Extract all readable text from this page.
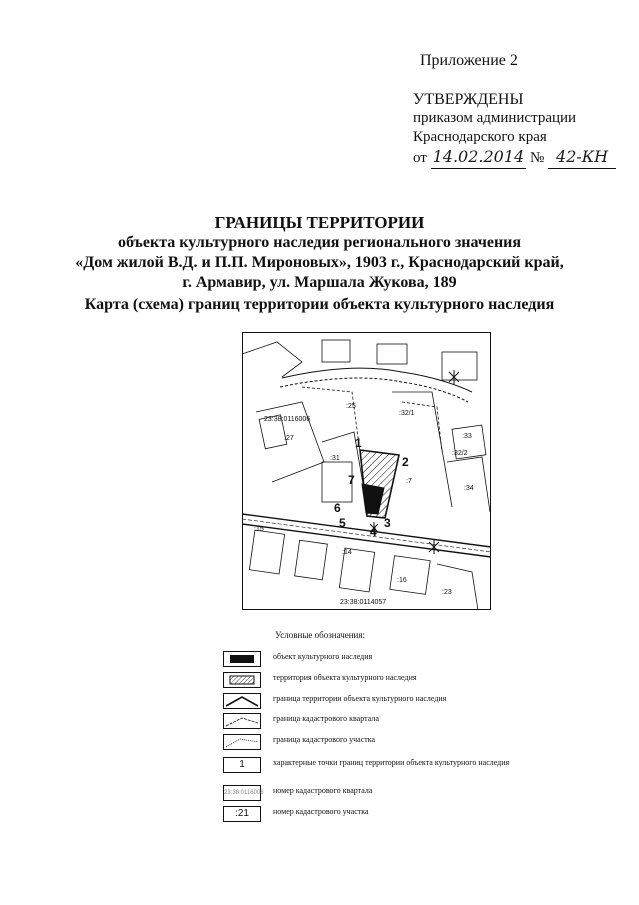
Приложение 2
УТВЕРЖДЕНЫ
приказом администрации
Краснодарского края
от 14.02.2014 № 42-КН
ГРАНИЦЫ ТЕРРИТОРИИ
объекта культурного наследия регионального значения
«Дом жилой В.Д. и П.П. Мироновых», 1903 г., Краснодарский край,
г. Армавир, ул. Маршала Жукова, 189
Карта (схема) границ территории объекта культурного наследия
23:38:0116006
:25
:32/1
:27
:31
:7
:33
:32/2
:34
:15
:14
:16
:23
23:38:0114057
1
2
3
4
5
6
7
Условные обозначения:
объект культурного наследия
территория объекта культурного наследия
граница территории объекта культурного наследия
граница кадастрового квартала
граница кадастрового участка
1	характерные точки границ территории объекта культурного наследия
23:38:0116006 номер кадастрового квартала
:21	номер кадастрового участка
